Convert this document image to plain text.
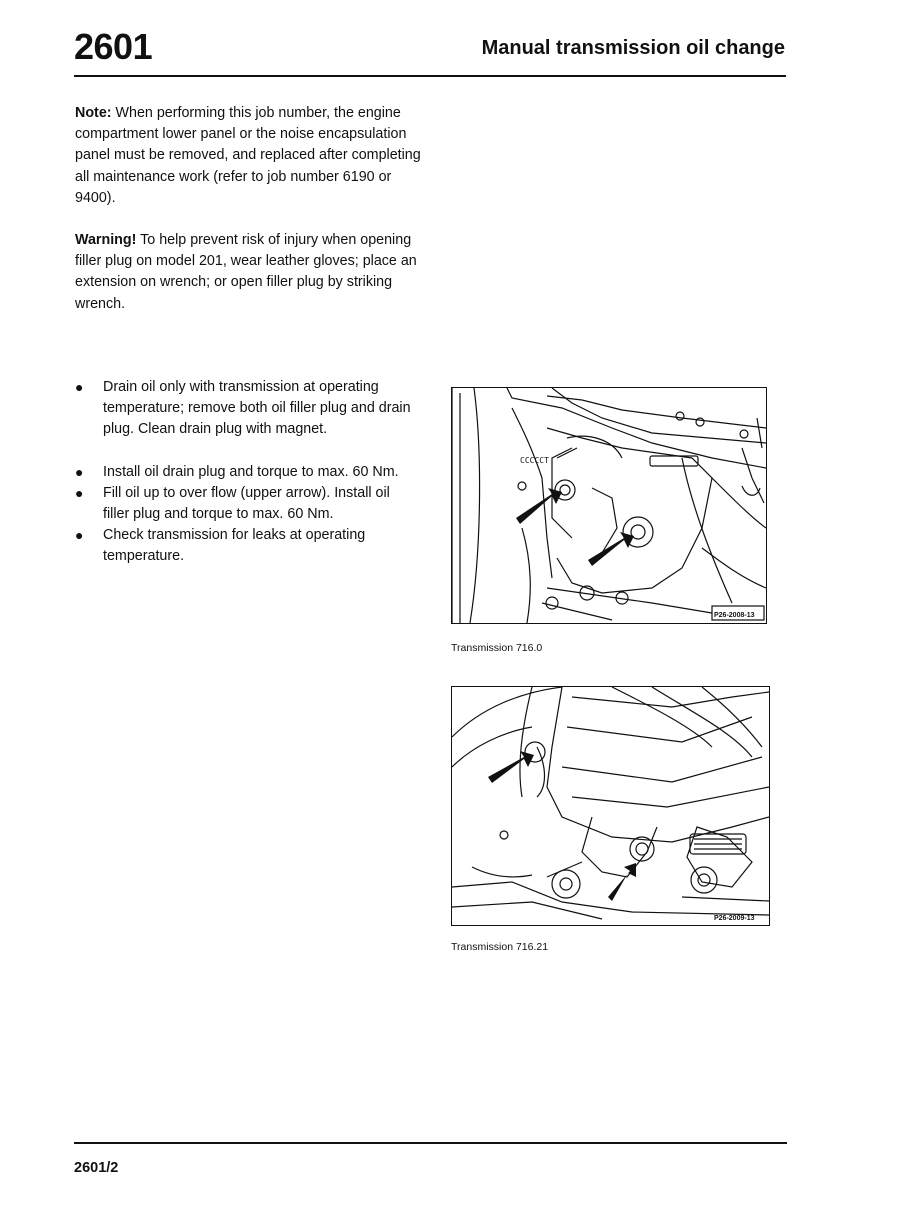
2601	Manual transmission oil change

Note: When performing this job number, the engine compartment lower panel or the noise encapsulation panel must be removed, and replaced after completing all maintenance work (refer to job number 6190 or 9400).

Warning! To help prevent risk of injury when opening filler plug on model 201, wear leather gloves; place an extension on wrench; or open filler plug by striking wrench.

● Drain oil only with transmission at operating temperature; remove both oil filler plug and drain plug. Clean drain plug with magnet.
● Install oil drain plug and torque to max. 60 Nm.
● Fill oil up to over flow (upper arrow). Install oil filler plug and torque to max. 60 Nm.
● Check transmission for leaks at operating temperature.
CCCCCT
P26-2008-13
Transmission 716.0
P26-2009-13
Transmission 716.21
2601/2
